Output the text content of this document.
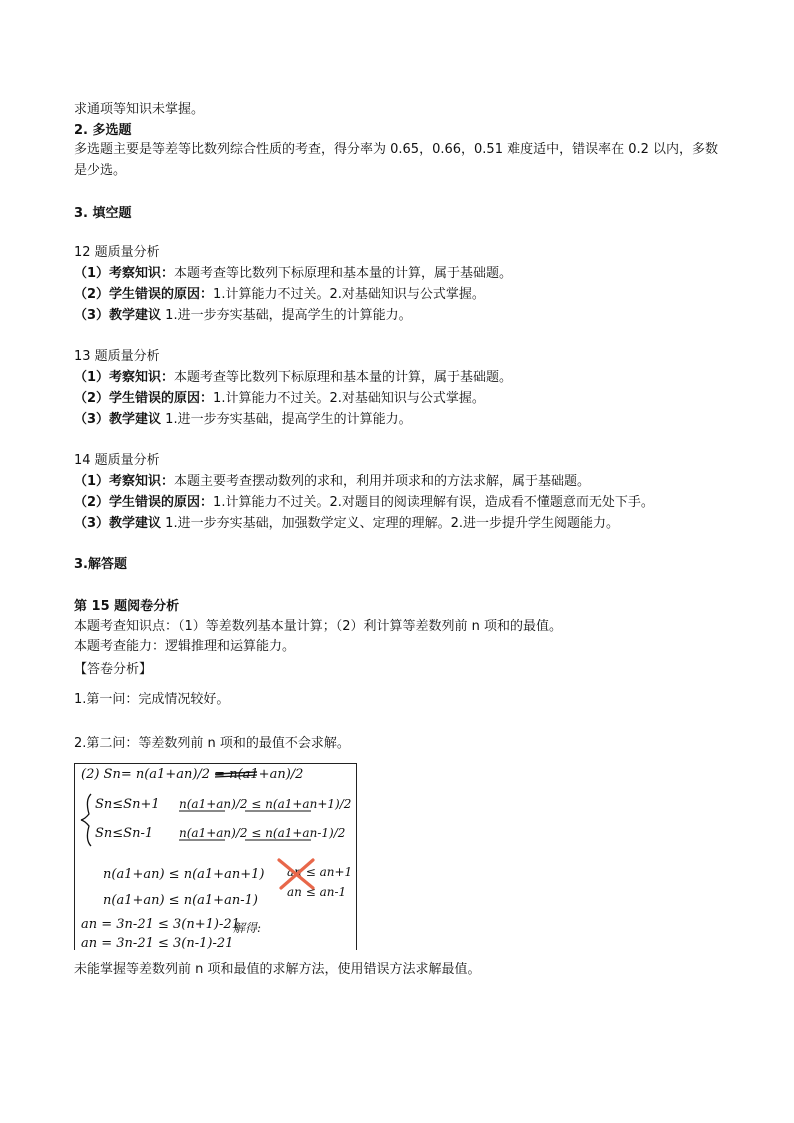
求通项等知识未掌握。
2. 多选题
多选题主要是等差等比数列综合性质的考查，得分率为 0.65，0.66，0.51 难度适中，错误率在 0.2 以内，多数是少选。
3. 填空题
12 题质量分析
（1）考察知识：本题考查等比数列下标原理和基本量的计算，属于基础题。
（2）学生错误的原因：1.计算能力不过关。2.对基础知识与公式掌握。
（3）教学建议 1.进一步夯实基础，提高学生的计算能力。
13 题质量分析
（1）考察知识：本题考查等比数列下标原理和基本量的计算，属于基础题。
（2）学生错误的原因：1.计算能力不过关。2.对基础知识与公式掌握。
（3）教学建议 1.进一步夯实基础，提高学生的计算能力。
14 题质量分析
（1）考察知识：本题主要考查摆动数列的求和，利用并项求和的方法求解，属于基础题。
（2）学生错误的原因：1.计算能力不过关。2.对题目的阅读理解有误，造成看不懂题意而无处下手。
（3）教学建议 1.进一步夯实基础，加强数学定义、定理的理解。2.进一步提升学生阅题能力。
3.解答题
第 15 题阅卷分析
本题考查知识点：（1）等差数列基本量计算；（2）利计算等差数列前 n 项和的最值。
本题考查能力：逻辑推理和运算能力。
【答卷分析】
1.第一问：完成情况较好。
2.第二问：等差数列前 n 项和的最值不会求解。
(2) Sn= n(a1+an)/2 = n(a1+an)/2
Sn≤Sn+1 n(a1+an)/2 ≤ n(a1+an+1)/2
Sn≤Sn-1 n(a1+an)/2 ≤ n(a1+an-1)/2
n(a1+an) ≤ n(a1+an+1) an ≤ an+1
n(a1+an) ≤ n(a1+an-1)
an ≤ an-1
an = 3n-21 ≤ 3(n+1)-21
解得:
an = 3n-21 ≤ 3(n-1)-21
未能掌握等差数列前 n 项和最值的求解方法，使用错误方法求解最值。
